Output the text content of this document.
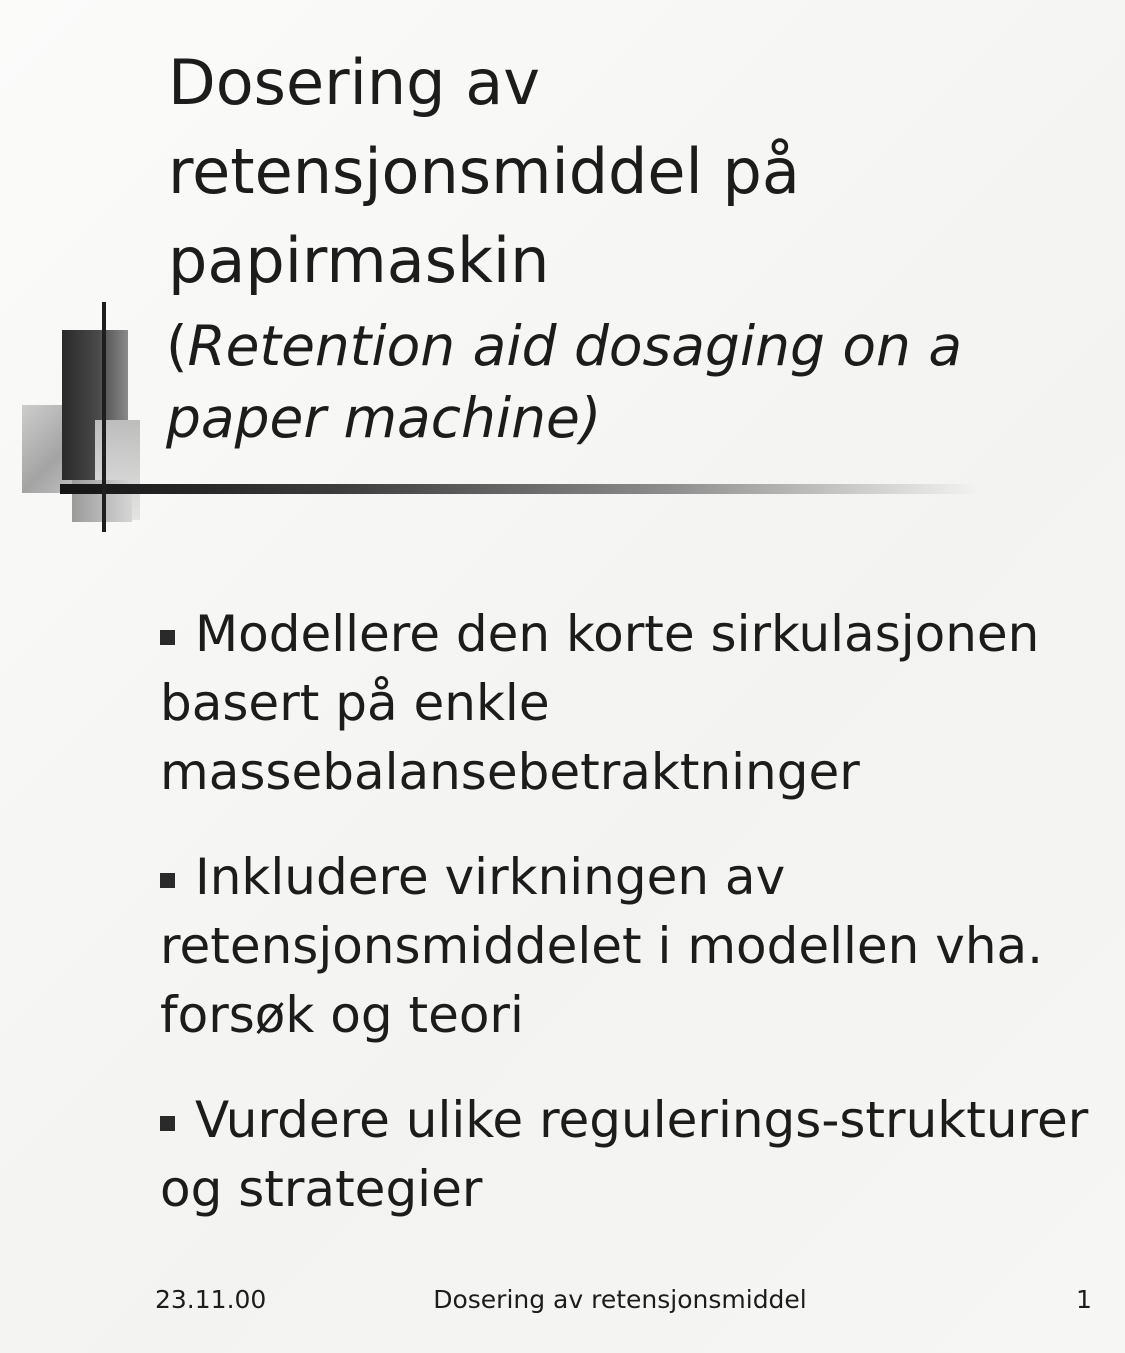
Dosering av
retensjonsmiddel på
papirmaskin
(Retention aid dosaging on a paper machine)
Modellere den korte sirkulasjonen basert på enkle massebalansebetraktninger
Inkludere virkningen av retensjonsmiddelet i modellen vha. forsøk og teori
Vurdere ulike regulerings-strukturer og strategier
23.11.00	Dosering av retensjonsmiddel	1
